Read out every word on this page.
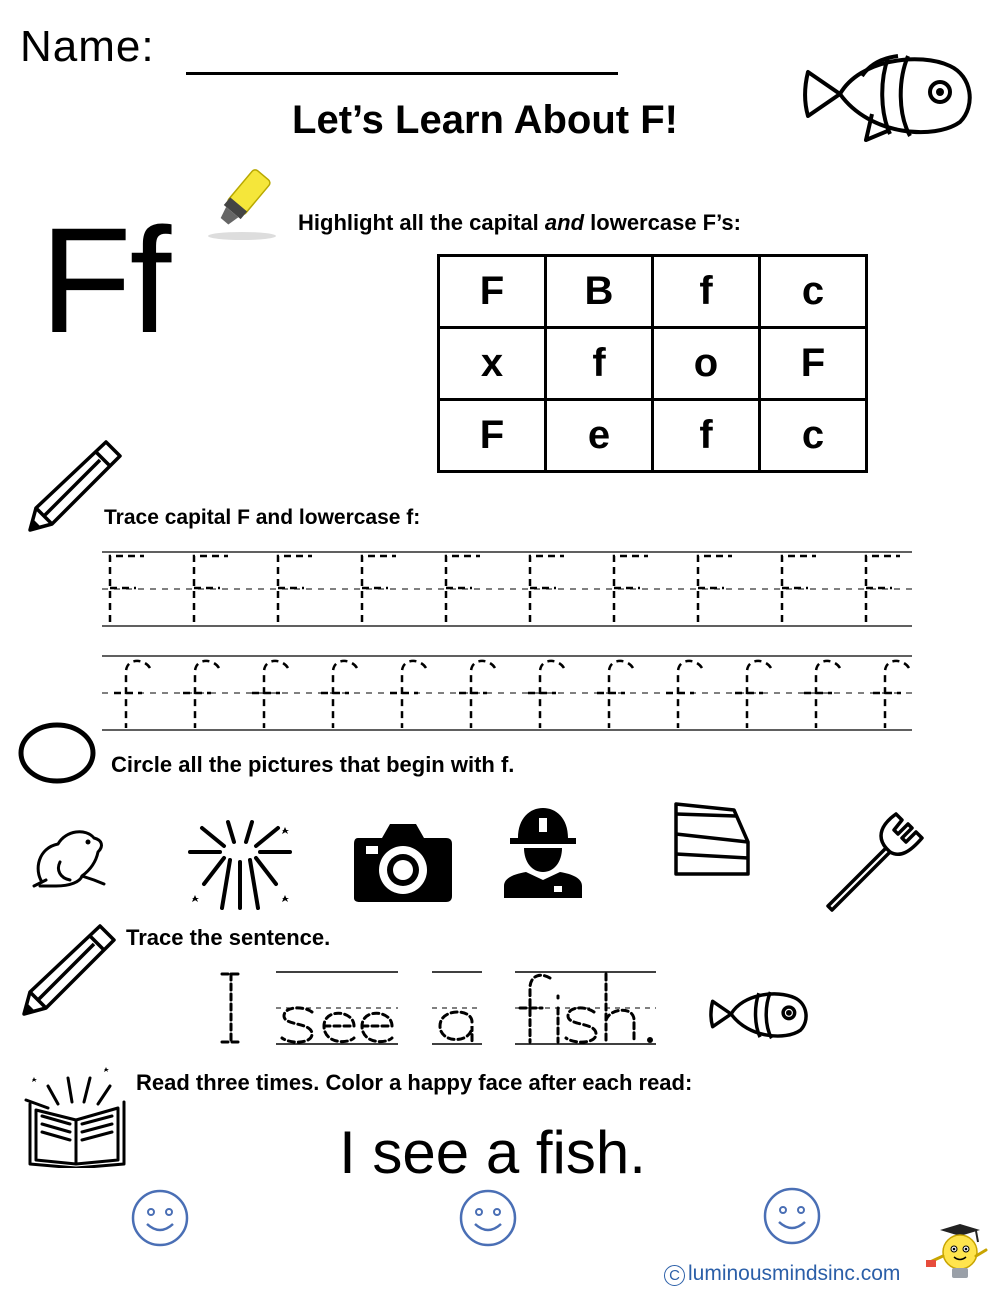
Name:
Let’s Learn About F!
Ff	Highlight all the capital and lowercase F’s:
F	B	f	c
x	f	o	F
F	e	f	c
Trace capital F and lowercase f:
Circle all the pictures that begin with f.
Trace the sentence.
Read three times. Color a happy face after each read:
I see a fish.
C luminousmindsinc.com
